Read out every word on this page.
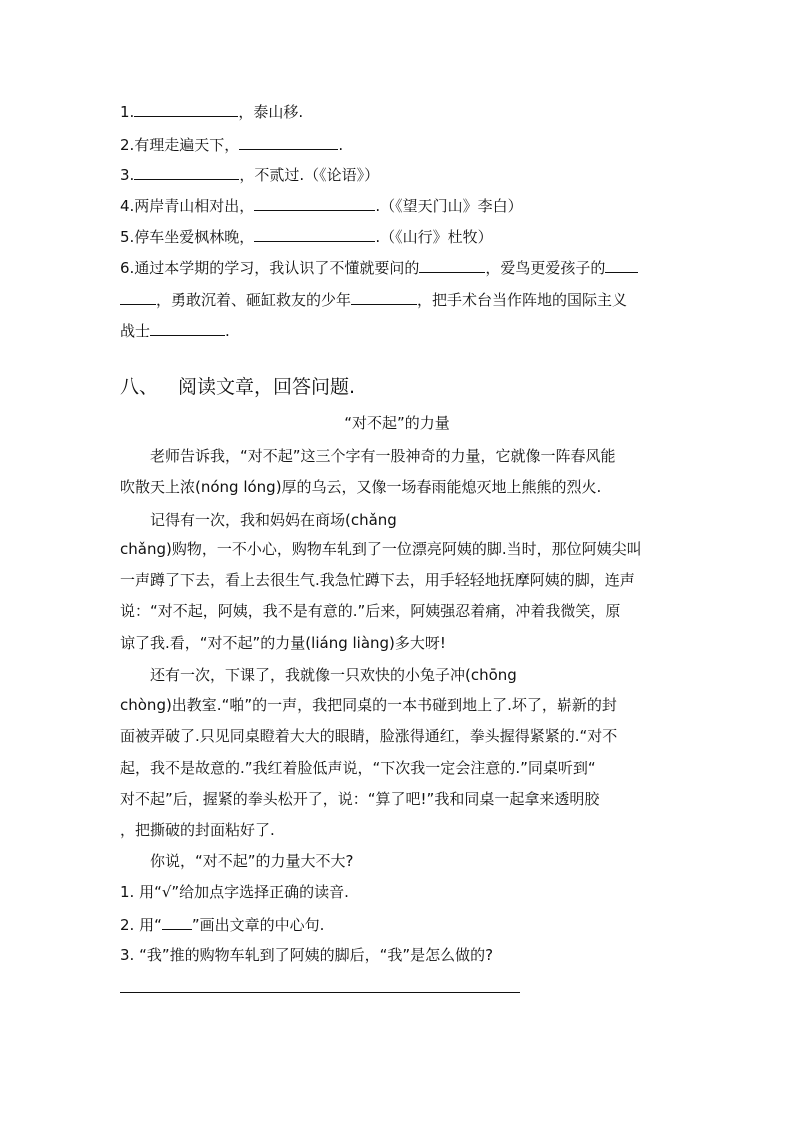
1.	，泰山移.
2.有理走遍天下，	.
3.	，不贰过.（《论语》）
4.两岸青山相对出，	.（《望天门山》李白）
5.停车坐爱枫林晚，	.（《山行》杜牧）
6.通过本学期的学习，我认识了不懂就要问的	，爱鸟更爱孩子的
，勇敢沉着、砸缸救友的少年	，把手术台当作阵地的国际主义
战士	.
八、 阅读文章，回答问题.
“对不起”的力量
老师告诉我，“对不起”这三个字有一股神奇的力量，它就像一阵春风能
吹散天上浓(nóng lóng)厚的乌云，又像一场春雨能熄灭地上熊熊的烈火.
记得有一次，我和妈妈在商场(chǎng
chǎng)购物，一不小心，购物车轧到了一位漂亮阿姨的脚.当时，那位阿姨尖叫
一声蹲了下去，看上去很生气.我急忙蹲下去，用手轻轻地抚摩阿姨的脚，连声
说：“对不起，阿姨，我不是有意的.”后来，阿姨强忍着痛，冲着我微笑，原
谅了我.看，“对不起”的力量(liáng liàng)多大呀!
还有一次，下课了，我就像一只欢快的小兔子冲(chōng
chòng)出教室.“啪”的一声，我把同桌的一本书碰到地上了.坏了，崭新的封
面被弄破了.只见同桌瞪着大大的眼睛，脸涨得通红，拳头握得紧紧的.“对不
起，我不是故意的.”我红着脸低声说，“下次我一定会注意的.”同桌听到“
对不起”后，握紧的拳头松开了，说：“算了吧!”我和同桌一起拿来透明胶
，把撕破的封面粘好了.
你说，“对不起”的力量大不大?
1. 用“√”给加点字选择正确的读音.
2. 用“ ”画出文章的中心句.
3. “我”推的购物车轧到了阿姨的脚后，“我”是怎么做的?
